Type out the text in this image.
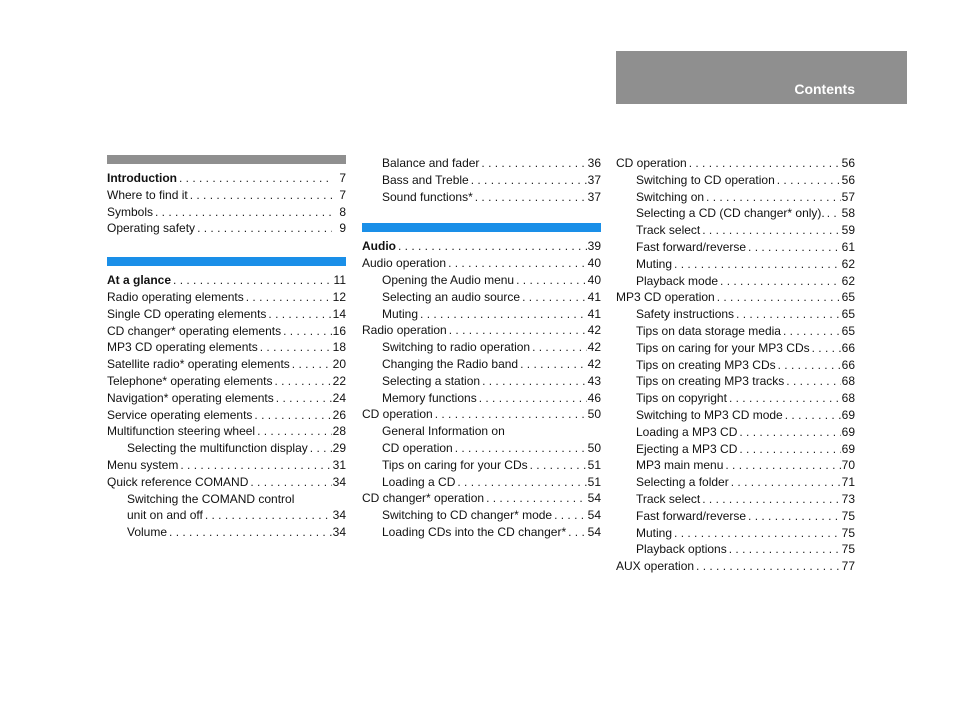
Contents
Introduction . . .	7
Where to find it . . .	7
Symbols . . .	8
Operating safety . . .	9
At a glance . . .	11
Radio operating elements . . .	12
Single CD operating elements . . .	14
CD changer* operating elements . . .	16
MP3 CD operating elements . . .	18
Satellite radio* operating elements . . .	20
Telephone* operating elements . . .	22
Navigation* operating elements . . .	24
Service operating elements . . .	26
Multifunction steering wheel . . .	28
Selecting the multifunction display . . . 29
Menu system . . .	31
Quick reference COMAND . . .	34
Switching the COMAND control
unit on and off . . .	34
Volume . . .	34
Balance and fader . . .	36
Bass and Treble . . .	37
Sound functions* . . .	37
Audio . . .	39
Audio operation . . .	40
Opening the Audio menu . . .	40
Selecting an audio source . . .	41
Muting . . .	41
Radio operation . . .	42
Switching to radio operation . . .	42
Changing the Radio band . . .	42
Selecting a station . . .	43
Memory functions . . .	46
CD operation . . .	50
General Information on
CD operation . . .	50
Tips on caring for your CDs . . .	51
Loading a CD . . .	51
CD changer* operation . . .	54
Switching to CD changer* mode . . .	54
Loading CDs into the CD changer* . . . 54
CD operation . . .	56
Switching to CD operation . . .	56
Switching on . . .	57
Selecting a CD (CD changer* only). . . . 58
Track select . . .	59
Fast forward/reverse . . .	61
Muting . . .	62
Playback mode . . .	62
MP3 CD operation . . .	65
Safety instructions . . .	65
Tips on data storage media . . .	65
Tips on caring for your MP3 CDs . . .	66
Tips on creating MP3 CDs . . .	66
Tips on creating MP3 tracks . . .	68
Tips on copyright . . .	68
Switching to MP3 CD mode . . .	69
Loading a MP3 CD . . .	69
Ejecting a MP3 CD . . .	69
MP3 main menu . . .	70
Selecting a folder . . .	71
Track select . . .	73
Fast forward/reverse . . .	75
Muting . . .	75
Playback options . . .	75
AUX operation . . .	77
